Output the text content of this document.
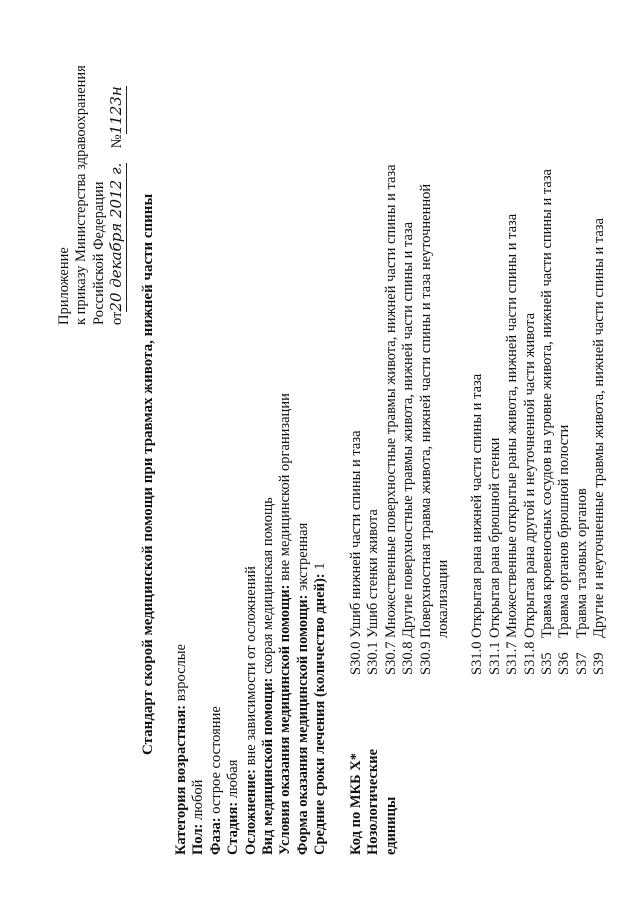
Приложение к приказу Министерства здравоохранения Российской Федерации от20 декабря 2012 г.    №1123н
Стандарт скорой медицинской помощи при травмах живота, нижней части спины
Категория возрастная: взрослые
Пол: любой
Фаза: острое состояние
Стадия: любая Осложнение: вне зависимости от осложнений
Вид медицинской помощи: скорая медицинская помощь Условия оказания медицинской помощи: вне медицинской организации
Форма оказания медицинской помощи: экстренная
Средние сроки лечения (количество дней): 1
Код по МКБ X* Нозологические единицы
S30.0
Ушиб нижней части спины и таза
S30.1
Ушиб стенки живота
S30.7
Множественные поверхностные травмы живота, нижней части спины и таза
S30.8
Другие поверхностные травмы живота, нижней части спины и таза
S30.9
Поверхностная травма живота, нижней части спины и таза неуточненной локализации
S31.0
Открытая рана нижней части спины и таза
S31.1
Открытая рана брюшной стенки
S31.7
Множественные открытые раны живота, нижней части спины и таза
S31.8
Открытая рана другой и неуточненной части живота
S35
Травма кровеносных сосудов на уровне живота, нижней части спины и таза
S36
Травма органов брюшной полости
S37
Травма тазовых органов
S39
Другие и неуточненные травмы живота, нижней части спины и таза
